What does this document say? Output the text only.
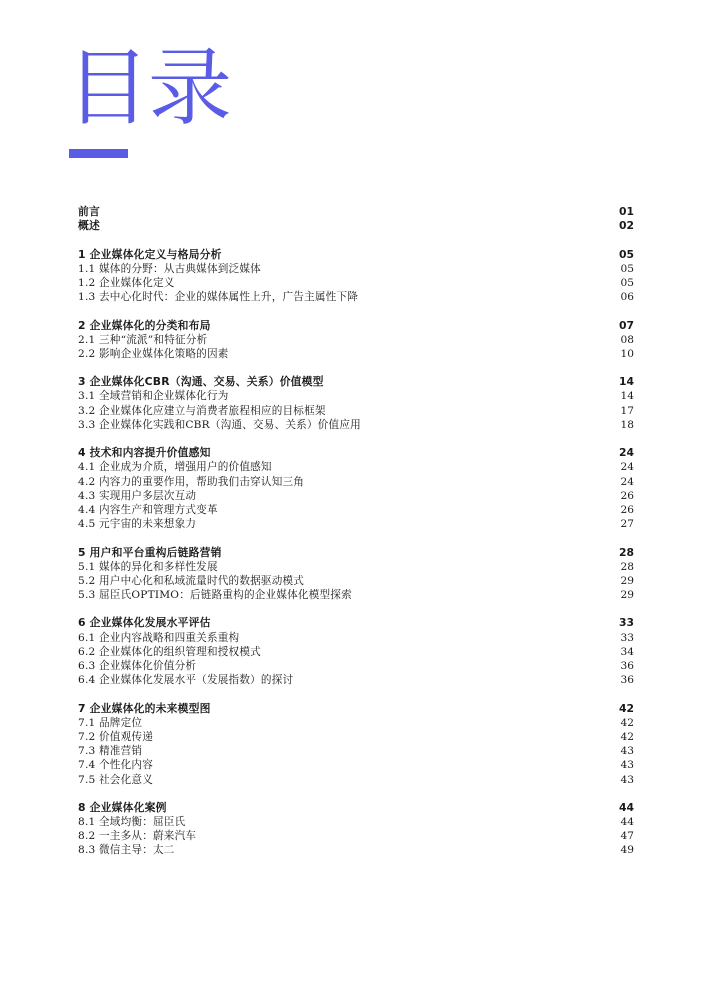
目录
前言	01
概述	02
1 企业媒体化定义与格局分析	05
1.1 媒体的分野：从古典媒体到泛媒体	05
1.2 企业媒体化定义	05
1.3 去中心化时代：企业的媒体属性上升，广告主属性下降	06
2 企业媒体化的分类和布局	07
2.1 三种“流派”和特征分析	08
2.2 影响企业媒体化策略的因素	10
3 企业媒体化CBR（沟通、交易、关系）价值模型	14
3.1 全域营销和企业媒体化行为	14
3.2 企业媒体化应建立与消费者旅程相应的目标框架	17
3.3 企业媒体化实践和CBR（沟通、交易、关系）价值应用	18
4 技术和内容提升价值感知	24
4.1 企业成为介质，增强用户的价值感知	24
4.2 内容力的重要作用，帮助我们击穿认知三角	24
4.3 实现用户多层次互动	26
4.4 内容生产和管理方式变革	26
4.5 元宇宙的未来想象力	27
5 用户和平台重构后链路营销	28
5.1 媒体的异化和多样性发展	28
5.2 用户中心化和私域流量时代的数据驱动模式	29
5.3 屈臣氏OPTIMO：后链路重构的企业媒体化模型探索	29
6 企业媒体化发展水平评估	33
6.1 企业内容战略和四重关系重构	33
6.2 企业媒体化的组织管理和授权模式	34
6.3 企业媒体化价值分析	36
6.4 企业媒体化发展水平（发展指数）的探讨	36
7 企业媒体化的未来模型图	42
7.1 品牌定位	42
7.2 价值观传递	42
7.3 精准营销	43
7.4 个性化内容	43
7.5 社会化意义	43
8 企业媒体化案例	44
8.1 全域均衡：屈臣氏	44
8.2 一主多从：蔚来汽车	47
8.3 微信主导：太二	49
